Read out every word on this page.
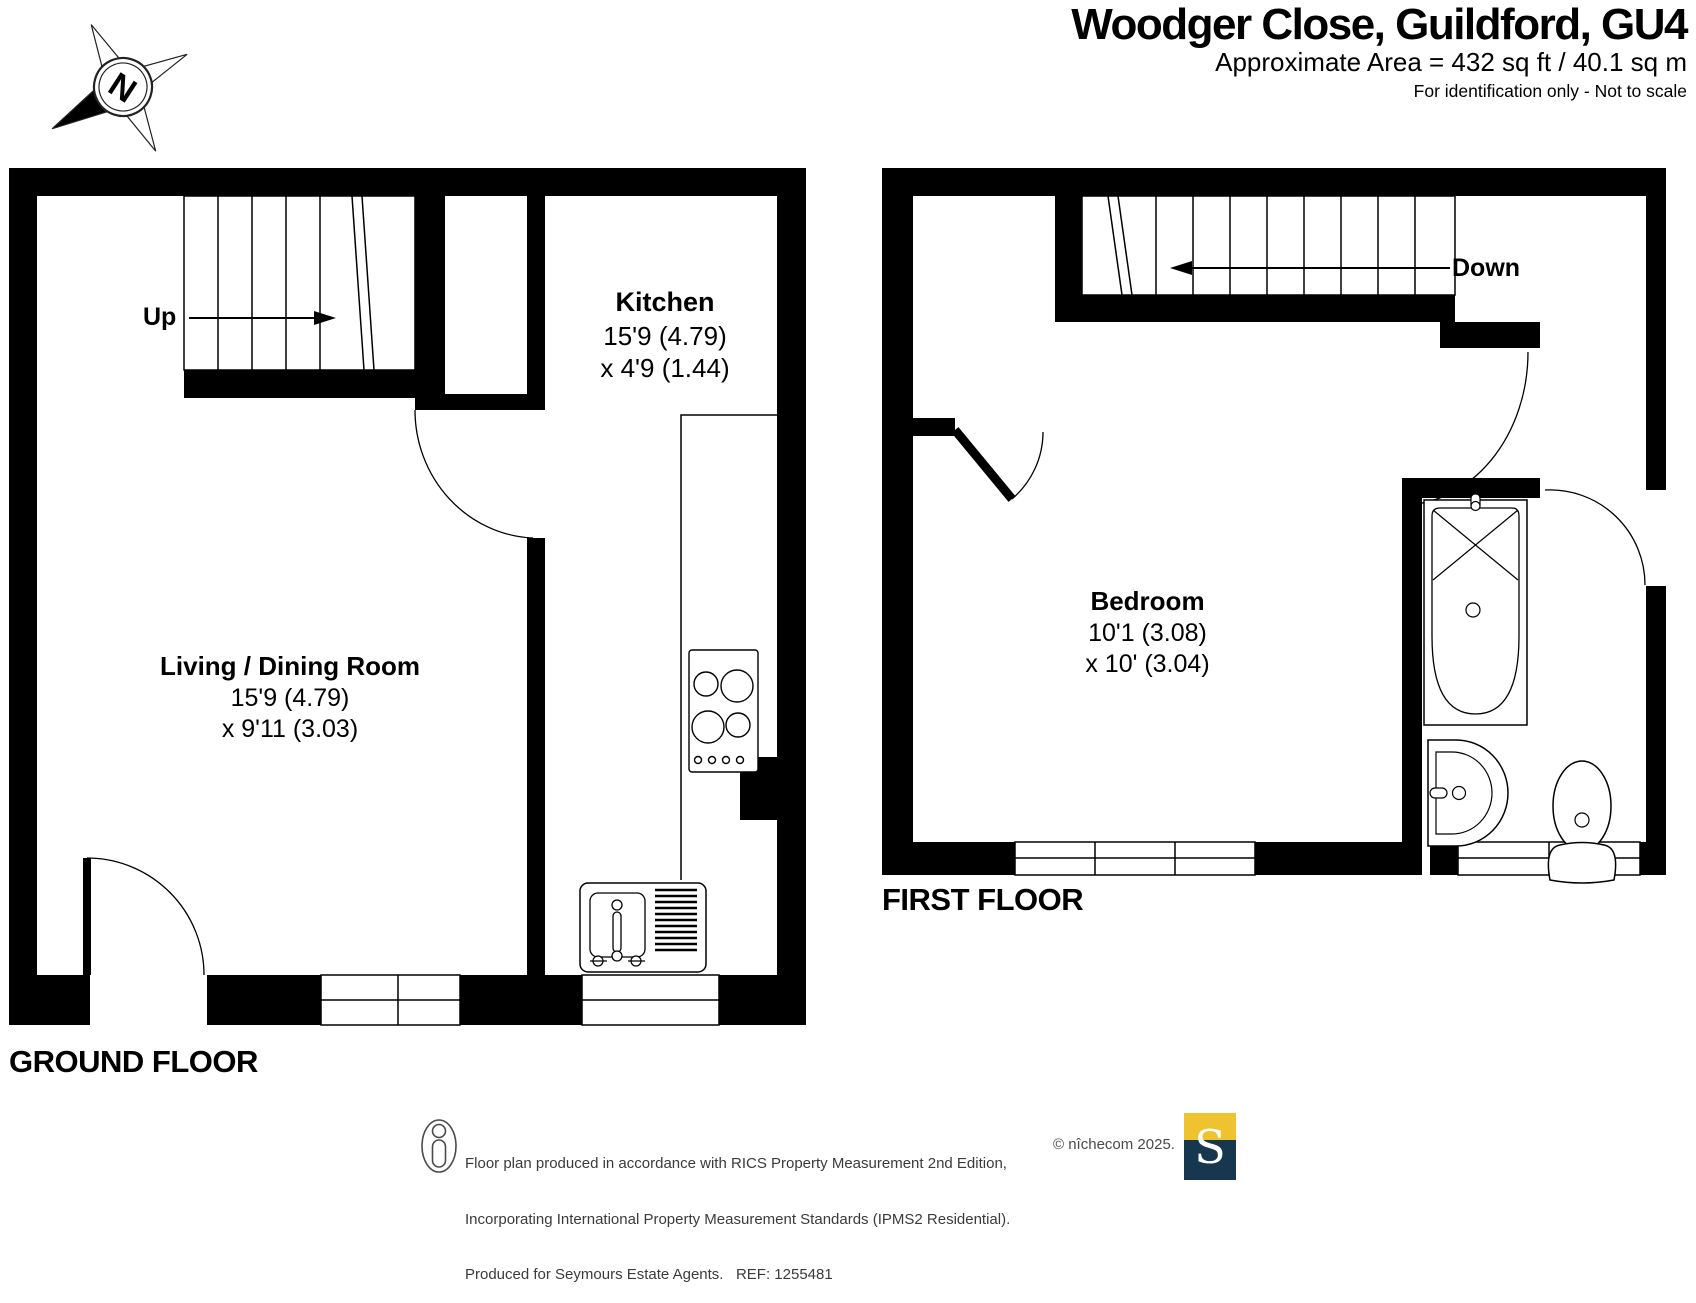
N
Woodger Close, Guildford, GU4
Approximate Area = 432 sq ft / 40.1 sq m
For identification only - Not to scale
Kitchen
15'9 (4.79)
x 4'9 (1.44)
Living / Dining Room
15'9 (4.79)
x 9'11 (3.03)
Bedroom
10'1 (3.08)
x 10' (3.04)
Up
Down
GROUND FLOOR
FIRST FLOOR

Floor plan produced in accordance with RICS Property Measurement 2nd Edition,

Incorporating International Property Measurement Standards (IPMS2 Residential).

Produced for Seymours Estate Agents.   REF: 1255481

© nîchecom 2025. S
